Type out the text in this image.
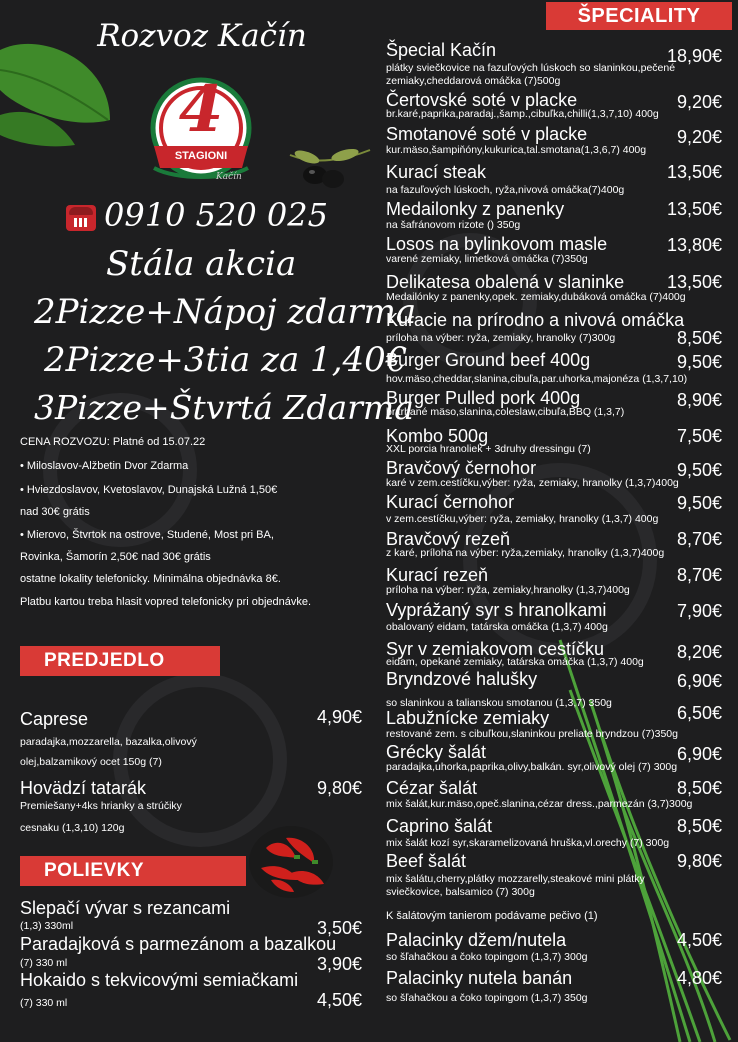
4
STAGIONI
Kačín
Rozvoz Kačín
0910 520 025
Stála akcia
2Pizze+Nápoj zdarma
2Pizze+3tia za 1,40€
3Pizze+Štvrtá Zdarma
CENA ROZVOZU: Platné od 15.07.22
• Miloslavov-Alžbetin Dvor Zdarma
• Hviezdoslavov, Kvetoslavov, Dunajská Lužná 1,50€
nad 30€ grátis
• Mierovo, Štvrtok na ostrove, Studené, Most pri BA,
Rovinka, Šamorín 2,50€ nad 30€ grátis
ostatne lokality telefonicky. Minimálna objednávka 8€.
Platbu kartou treba hlasit vopred telefonicky pri objednávke.
PREDJEDLO
Caprese	4,90€
paradajka,mozzarella, bazalka,olivový
olej,balzamikový ocet 150g (7)
Hovädzí tatarák	9,80€
Premiešany+4ks hrianky a strúčiky
cesnaku (1,3,10) 120g
POLIEVKY
Slepačí vývar s rezancami
(1,3) 330ml	3,50€
Paradajková s parmezánom a bazalkou
(7) 330 ml	3,90€
Hokaido s tekvicovými semiačkami
(7) 330 ml	4,50€
ŠPECIALITY
Špecial Kačín	18,90€
plátky sviečkovice na fazuľových lúskoch so slaninkou,pečené zemiaky,cheddarová omáčka (7)500g
Čertovské soté v placke	9,20€
br.karé,paprika,paradaj.,šamp.,cibuľka,chilli(1,3,7,10) 400g
Smotanové soté v placke	9,20€
kur.mäso,šampiňóny,kukurica,tal.smotana(1,3,6,7) 400g
Kurací steak	13,50€
na fazuľových lúskoch, ryža,nivová omáčka(7)400g
Medailonky z panenky	13,50€
na šafránovom rizote () 350g
Losos na bylinkovom masle	13,80€
varené zemiaky, limetková omáčka (7)350g
Delikatesa obalená v slaninke	13,50€
Medailónky z panenky,opek. zemiaky,dubáková omáčka (7)400g
Kuracie na prírodno a nivová omáčka
8,50€
príloha na výber: ryža, zemiaky, hranolky (7)300g
Burger Ground beef 400g	9,50€
hov.mäso,cheddar,slanina,cibuľa,par.uhorka,majonéza (1,3,7,10)
Burger Pulled pork 400g	8,90€
br.trhané mäso,slanina,coleslaw,cibuľa,BBQ (1,3,7)
Kombo 500g	7,50€
XXL porcia hranoliek + 3druhy dressingu (7)
Bravčový černohor	9,50€
karé v zem.cestíčku,výber: ryža, zemiaky, hranolky (1,3,7)400g
Kurací černohor	9,50€
v zem.cestíčku,výber: ryža, zemiaky, hranolky (1,3,7) 400g
Bravčový rezeň	8,70€
z karé, príloha na výber: ryža,zemiaky, hranolky (1,3,7)400g
Kurací rezeň	8,70€
príloha na výber: ryža, zemiaky,hranolky (1,3,7)400g
Vyprážaný syr s hranolkami	7,90€
obalovaný eidam, tatárska omáčka (1,3,7) 400g
Syr v zemiakovom cestíčku	8,20€
eidam, opekané zemiaky, tatárska omáčka (1,3,7) 400g
Bryndzové halušky	6,90€
so slaninkou a talianskou smotanou (1,3,7) 350g
Labužnícke zemiaky	6,50€
restované zem. s cibuľkou,slaninkou preliate bryndzou (7)350g
Grécky šalát	6,90€
paradajka,uhorka,paprika,olivy,balkán. syr,olivový olej (7) 300g
Cézar šalát	8,50€
mix šalát,kur.mäso,opeč.slanina,cézar dress.,parmezán (3,7)300g
Caprino šalát	8,50€
mix šalát kozí syr,skaramelizovaná hruška,vl.orechy (7) 300g
Beef šalát	9,80€
mix šalátu,cherry,plátky mozzarelly,steakové mini plátky sviečkovice, balsamico (7) 300g
K šalátovým tanierom podávame pečivo (1)
Palacinky džem/nutela	4,50€
so šľahačkou a čoko topingom (1,3,7) 300g
Palacinky nutela banán	4,80€
so šľahačkou a čoko topingom (1,3,7) 350g
